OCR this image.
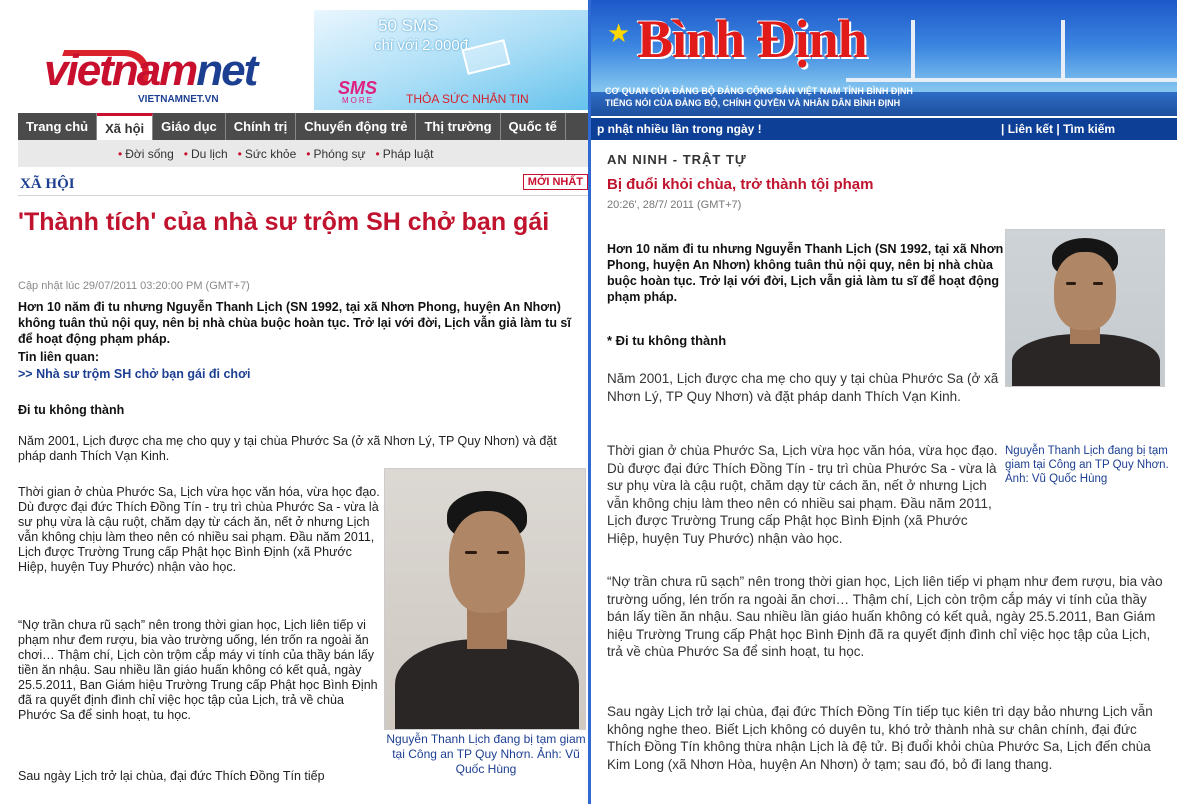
vietnamnet
VIETNAMNET.VN
50 SMS
chỉ với 2.000đ
SMS
MORE	THỎA SỨC NHẮN TIN
Trang chủ	Xã hội	Giáo dục	Chính trị	Chuyển động trẻ	Thị trường	Quốc tế
• Đời sống • Du lịch • Sức khỏe • Phóng sự • Pháp luật
XÃ HỘI	MỚI NHẤT
'Thành tích' của nhà sư trộm SH chở bạn gái
Cập nhật lúc 29/07/2011 03:20:00 PM (GMT+7)
Hơn 10 năm đi tu nhưng Nguyễn Thanh Lịch (SN 1992, tại xã Nhơn Phong, huyện An Nhơn) không tuân thủ nội quy, nên bị nhà chùa buộc hoàn tục. Trở lại với đời, Lịch vẫn giả làm tu sĩ để hoạt động phạm pháp.
Tin liên quan:
>> Nhà sư trộm SH chở bạn gái đi chơi
Đi tu không thành
Năm 2001, Lịch được cha mẹ cho quy y tại chùa Phước Sa (ở xã Nhơn Lý, TP Quy Nhơn) và đặt pháp danh Thích Vạn Kinh.
Thời gian ở chùa Phước Sa, Lịch vừa học văn hóa, vừa học đạo. Dù được đại đức Thích Đồng Tín - trụ trì chùa Phước Sa - vừa là sư phụ vừa là cậu ruột, chăm dạy từ cách ăn, nết ở nhưng Lịch vẫn không chịu làm theo nên có nhiều sai phạm. Đầu năm 2011, Lịch được Trường Trung cấp Phật học Bình Định (xã Phước Hiệp, huyện Tuy Phước) nhận vào học.
“Nợ trần chưa rũ sạch” nên trong thời gian học, Lịch liên tiếp vi phạm như đem rượu, bia vào trường uống, lén trốn ra ngoài ăn chơi… Thậm chí, Lịch còn trộm cắp máy vi tính của thầy bán lấy tiền ăn nhậu. Sau nhiều lần giáo huấn không có kết quả, ngày 25.5.2011, Ban Giám hiệu Trường Trung cấp Phật học Bình Định đã ra quyết định đình chỉ việc học tập của Lịch, trả về chùa Phước Sa để sinh hoạt, tu học.
Sau ngày Lịch trở lại chùa, đại đức Thích Đồng Tín tiếp
Nguyễn Thanh Lịch đang bị tạm giam tại Công an TP Quy Nhơn. Ảnh: Vũ Quốc Hùng
★ Bình Định
CƠ QUAN CỦA ĐẢNG BỘ ĐẢNG CỘNG SẢN VIỆT NAM TỈNH BÌNH ĐỊNH
TIẾNG NÓI CỦA ĐẢNG BỘ, CHÍNH QUYỀN VÀ NHÂN DÂN BÌNH ĐỊNH
p nhật nhiều lần trong ngày !	| Liên kết | Tìm kiếm
AN NINH - TRẬT TỰ
Bị đuổi khỏi chùa, trở thành tội phạm
20:26', 28/7/ 2011 (GMT+7)
Hơn 10 năm đi tu nhưng Nguyễn Thanh Lịch (SN 1992, tại xã Nhơn Phong, huyện An Nhơn) không tuân thủ nội quy, nên bị nhà chùa buộc hoàn tục. Trở lại với đời, Lịch vẫn giả làm tu sĩ để hoạt động phạm pháp.
* Đi tu không thành
Năm 2001, Lịch được cha mẹ cho quy y tại chùa Phước Sa (ở xã Nhơn Lý, TP Quy Nhơn) và đặt pháp danh Thích Vạn Kinh.
Thời gian ở chùa Phước Sa, Lịch vừa học văn hóa, vừa học đạo. Dù được đại đức Thích Đồng Tín - trụ trì chùa Phước Sa - vừa là sư phụ vừa là cậu ruột, chăm dạy từ cách ăn, nết ở nhưng Lịch vẫn không chịu làm theo nên có nhiều sai phạm. Đầu năm 2011, Lịch được Trường Trung cấp Phật học Bình Định (xã Phước Hiệp, huyện Tuy Phước) nhận vào học.
“Nợ trần chưa rũ sạch” nên trong thời gian học, Lịch liên tiếp vi phạm như đem rượu, bia vào trường uống, lén trốn ra ngoài ăn chơi… Thậm chí, Lịch còn trộm cắp máy vi tính của thầy bán lấy tiền ăn nhậu. Sau nhiều lần giáo huấn không có kết quả, ngày 25.5.2011, Ban Giám hiệu Trường Trung cấp Phật học Bình Định đã ra quyết định đình chỉ việc học tập của Lịch, trả về chùa Phước Sa để sinh hoạt, tu học.
Sau ngày Lịch trở lại chùa, đại đức Thích Đồng Tín tiếp tục kiên trì dạy bảo nhưng Lịch vẫn không nghe theo. Biết Lịch không có duyên tu, khó trở thành nhà sư chân chính, đại đức Thích Đồng Tín không thừa nhận Lịch là đệ tử. Bị đuổi khỏi chùa Phước Sa, Lịch đến chùa Kim Long (xã Nhơn Hòa, huyện An Nhơn) ở tạm; sau đó, bỏ đi lang thang.
Nguyễn Thanh Lịch đang bị tạm giam tại Công an TP Quy Nhơn. Ảnh: Vũ Quốc Hùng
